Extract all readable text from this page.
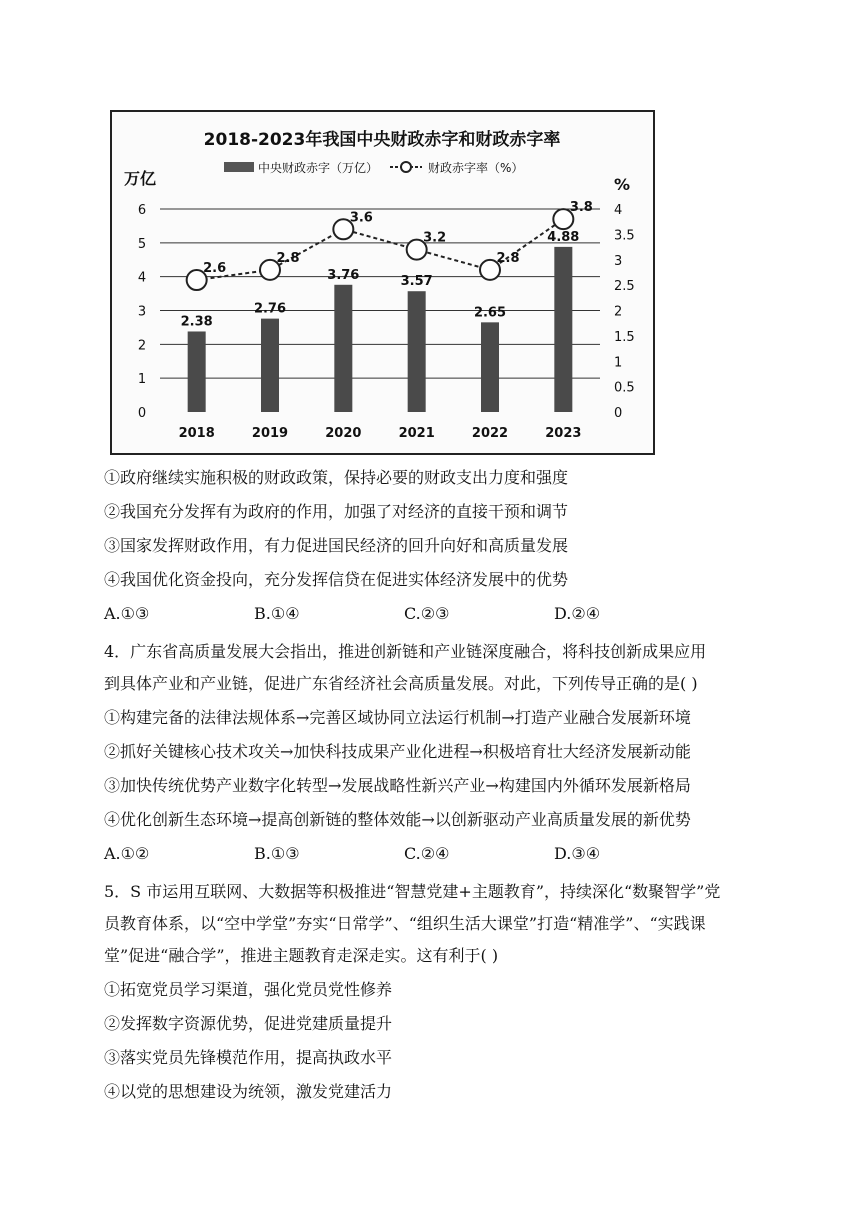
2018-2023年我国中央财政赤字和财政赤字率
中央财政赤字（万亿）	财政赤字率（%）
万亿	%
0
1
2
3
4
5
6
0
0.5
1
1.5
2
2.5
3
3.5
4
2.38
2.76
3.76	3.57
2.65
4.88
2018	2019	2020	2021	2022	2023
2.6
2.8
3.6
3.2
2.8
3.8
①政府继续实施积极的财政政策，保持必要的财政支出力度和强度
②我国充分发挥有为政府的作用，加强了对经济的直接干预和调节
③国家发挥财政作用，有力促进国民经济的回升向好和高质量发展
④我国优化资金投向，充分发挥信贷在促进实体经济发展中的优势
A.①③	B.①④	C.②③	D.②④
4．广东省高质量发展大会指出，推进创新链和产业链深度融合，将科技创新成果应用
到具体产业和产业链，促进广东省经济社会高质量发展。对此，下列传导正确的是( )
①构建完备的法律法规体系→完善区域协同立法运行机制→打造产业融合发展新环境
②抓好关键核心技术攻关→加快科技成果产业化进程→积极培育壮大经济发展新动能
③加快传统优势产业数字化转型→发展战略性新兴产业→构建国内外循环发展新格局
④优化创新生态环境→提高创新链的整体效能→以创新驱动产业高质量发展的新优势
A.①②	B.①③	C.②④	D.③④
5．S 市运用互联网、大数据等积极推进“智慧党建+主题教育”，持续深化“数聚智学”党
员教育体系，以“空中学堂”夯实“日常学”、“组织生活大课堂”打造“精准学”、“实践课
堂”促进“融合学”，推进主题教育走深走实。这有利于( )
①拓宽党员学习渠道，强化党员党性修养
②发挥数字资源优势，促进党建质量提升
③落实党员先锋模范作用，提高执政水平
④以党的思想建设为统领，激发党建活力
